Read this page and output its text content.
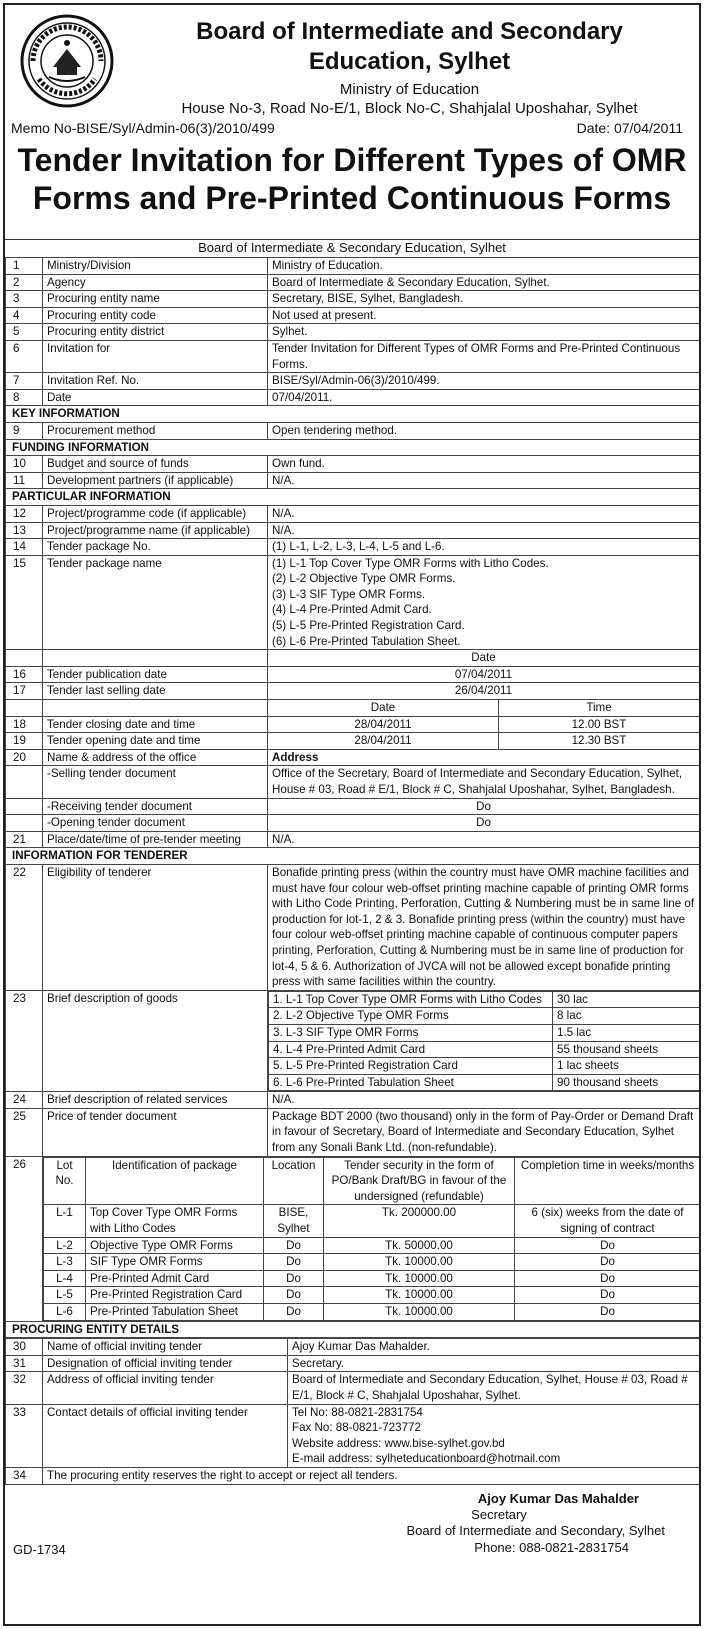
Board of Intermediate and Secondary
Education, Sylhet
Ministry of Education
House No-3, Road No-E/1, Block No-C, Shahjalal Uposhahar, Sylhet
Memo No-BISE/Syl/Admin-06(3)/2010/499	Date: 07/04/2011
Tender Invitation for Different Types of OMR
Forms and Pre-Printed Continuous Forms
Board of Intermediate & Secondary Education, Sylhet
1	Ministry/Division	Ministry of Education.
2	Agency	Board of Intermediate & Secondary Education, Sylhet.
3	Procuring entity name	Secretary, BISE, Sylhet, Bangladesh.
4	Procuring entity code	Not used at present.
5	Procuring entity district	Sylhet.
6	Invitation for	Tender Invitation for Different Types of OMR Forms and Pre-Printed Continuous Forms.
7	Invitation Ref. No.	BISE/Syl/Admin-06(3)/2010/499.
8	Date	07/04/2011.
KEY INFORMATION
9	Procurement method	Open tendering method.
FUNDING INFORMATION
10	Budget and source of funds	Own fund.
11	Development partners (if applicable)	N/A.
PARTICULAR INFORMATION
12	Project/programme code (if applicable)	N/A.
13	Project/programme name (if applicable)	N/A.
14	Tender package No.	(1) L-1, L-2, L-3, L-4, L-5 and L-6.
15	Tender package name	(1) L-1 Top Cover Type OMR Forms with Litho Codes.
(2) L-2 Objective Type OMR Forms.
(3) L-3 SIF Type OMR Forms.
(4) L-4 Pre-Printed Admit Card.
(5) L-5 Pre-Printed Registration Card.
(6) L-6 Pre-Printed Tabulation Sheet.

		Date
16	Tender publication date	07/04/2011
17	Tender last selling date	26/04/2011
		Date	Time
18	Tender closing date and time	28/04/2011	12.00 BST
19	Tender opening date and time	28/04/2011	12.30 BST
20	Name & address of the office	Address
	-Selling tender document	Office of the Secretary, Board of Intermediate and Secondary Education, Sylhet, House # 03, Road # E/1, Block # C, Shahjalal Uposhahar, Sylhet, Bangladesh.
	-Receiving tender document	Do
	-Opening tender document	Do
21	Place/date/time of pre-tender meeting	N/A.
INFORMATION FOR TENDERER
22	Eligibility of tenderer	Bonafide printing press (within the country must have OMR machine facilities and must have four colour web-offset printing machine capable of printing OMR forms with Litho Code Printing, Perforation, Cutting & Numbering must be in same line of production for lot-1, 2 & 3. Bonafide printing press (within the country) must have four colour web-offset printing machine capable of continuous computer papers printing, Perforation, Cutting & Numbering must be in same line of production for lot-4, 5 & 6. Authorization of JVCA will not be allowed except bonafide printing press with same facilities within the country.
23	Brief description of goods		1. L-1 Top Cover Type OMR Forms with Litho Codes	30 lac
2. L-2 Objective Type OMR Forms	8 lac
3. L-3 SIF Type OMR Forms	1.5 lac
4. L-4 Pre-Printed Admit Card	55 thousand sheets
5. L-5 Pre-Printed Registration Card	1 lac sheets
6. L-6 Pre-Printed Tabulation Sheet	90 thousand sheets

24	Brief description of related services	N/A.
25	Price of tender document	Package BDT 2000 (two thousand) only in the form of Pay-Order or Demand Draft in favour of Secretary, Board of Intermediate and Secondary Education, Sylhet from any Sonali Bank Ltd. (non-refundable).
26		Lot No.	Identification of package	Location	Tender security in the form of PO/Bank Draft/BG in favour of the undersigned (refundable)	Completion time in weeks/months
L-1	Top Cover Type OMR Forms with Litho Codes	BISE, Sylhet	Tk. 200000.00	6 (six) weeks from the date of signing of contract
L-2	Objective Type OMR Forms	Do	Tk. 50000.00	Do
L-3	SIF Type OMR Forms	Do	Tk. 10000.00	Do
L-4	Pre-Printed Admit Card	Do	Tk. 10000.00	Do
L-5	Pre-Printed Registration Card	Do	Tk. 10000.00	Do
L-6	Pre-Printed Tabulation Sheet	Do	Tk. 10000.00	Do

PROCURING ENTITY DETAILS
30	Name of official inviting tender	Ajoy Kumar Das Mahalder.
31	Designation of official inviting tender	Secretary.
32	Address of official inviting tender	Board of Intermediate and Secondary Education, Sylhet, House # 03, Road # E/1, Block # C, Shahjalal Uposhahar, Sylhet.
33	Contact details of official inviting tender	Tel No: 88-0821-2831754
Fax No: 88-0821-723772
Website address: www.bise-sylhet.gov.bd
E-mail address: sylheteducationboard@hotmail.com

34	The procuring entity reserves the right to accept or reject all tenders.	
Ajoy Kumar Das Mahalder
Secretary
Board of Intermediate and Secondary, Sylhet
Phone: 088-0821-2831754
GD-1734
